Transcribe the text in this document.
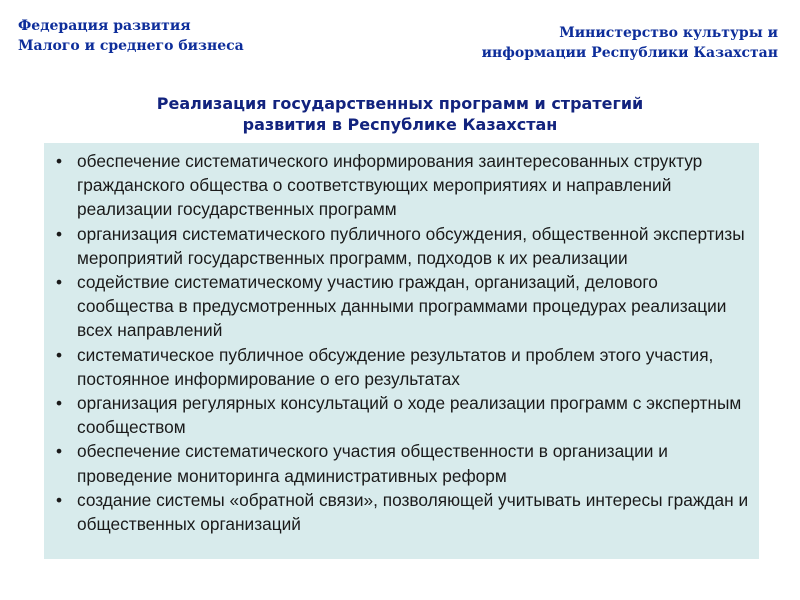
Федерация развития
Малого и среднего бизнеса
Министерство культуры и
информации Республики Казахстан
Реализация государственных программ и стратегий
развития в Республике Казахстан
• обеспечение систематического информирования заинтересованных структур гражданского общества о соответствующих мероприятиях и направлений реализации государственных программ
• организация систематического публичного обсуждения, общественной экспертизы мероприятий государственных программ, подходов к их реализации
• содействие систематическому участию граждан, организаций, делового сообщества в предусмотренных данными программами процедурах реализации всех направлений
• систематическое публичное обсуждение результатов и проблем этого участия, постоянное информирование о его результатах
• организация регулярных консультаций о ходе реализации программ с экспертным сообществом
• обеспечение систематического участия общественности в организации и проведение мониторинга административных реформ
• создание системы «обратной связи», позволяющей учитывать интересы граждан и общественных организаций
